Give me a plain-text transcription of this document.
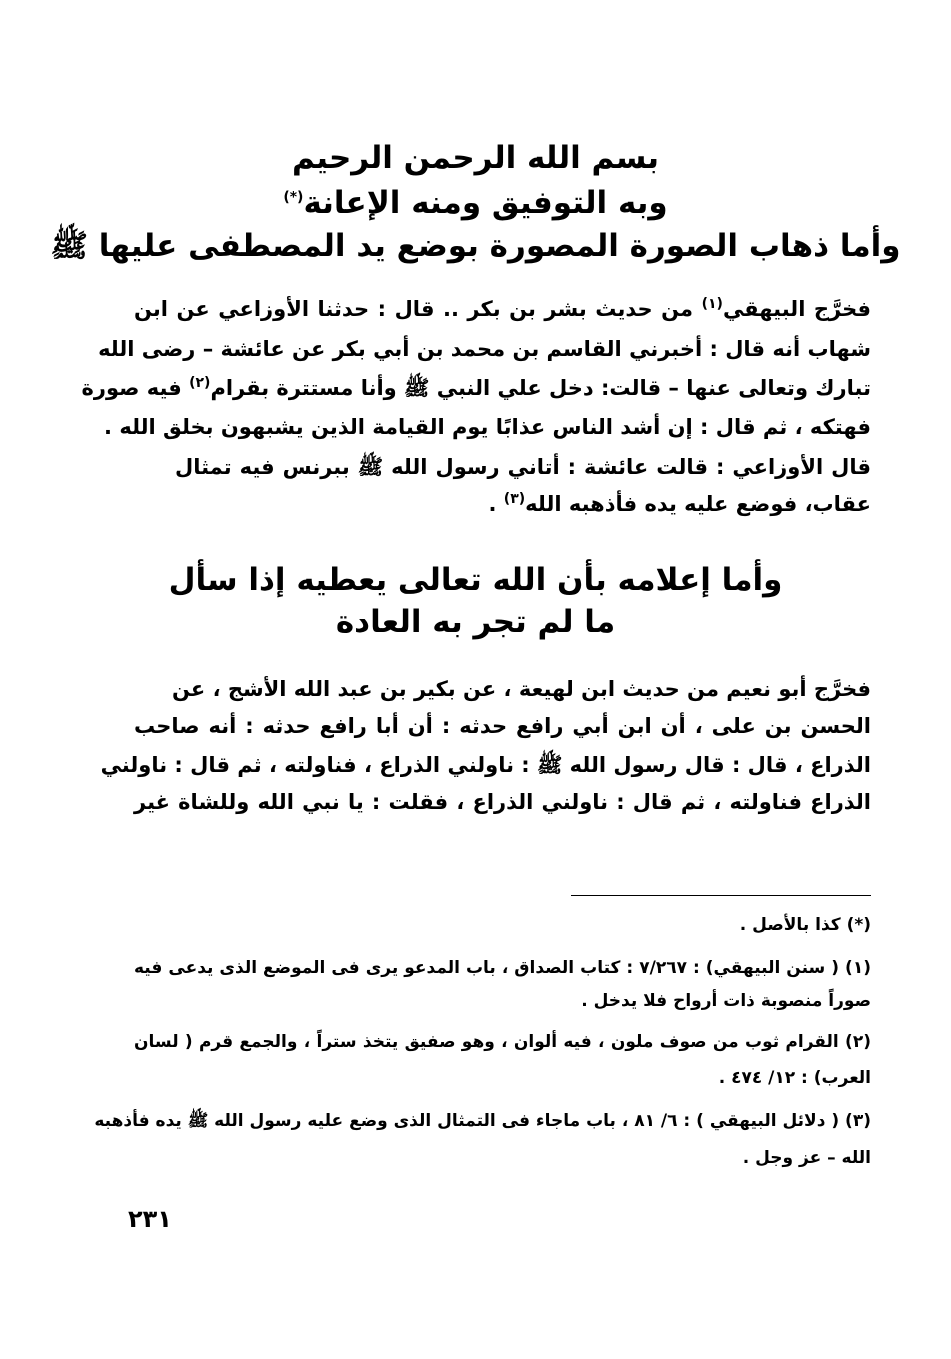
بسم الله الرحمن الرحيم
وبه التوفيق ومنه الإعانة(*)
وأما ذهاب الصورة المصورة بوضع يد المصطفى عليها ﷺ
فخرَّج البيهقي$^{(١)}$ من حديث بشر بن بكر .. قال : حدثنا الأوزاعي عن ابن
شهاب أنه قال : أخبرني القاسم بن محمد بن أبي بكر عن عائشة – رضى الله
تبارك وتعالى عنها – قالت: دخل علي النبي ﷺ وأنا مستترة بقرام$^{(٢)}$ فيه صورة
فهتكه ، ثم قال : إن أشد الناس عذابًا يوم القيامة الذين يشبهون بخلق الله .
قال الأوزاعي : قالت عائشة : أتاني رسول الله ﷺ ببرنس فيه تمثال
عقاب، فوضع عليه يده فأذهبه الله$^{(٣)}$ .
وأما إعلامه بأن الله تعالى يعطيه إذا سأل
ما لم تجر به العادة
فخرَّج أبو نعيم من حديث ابن لهيعة ، عن بكير بن عبد الله الأشج ، عن
الحسن بن على ، أن ابن أبي رافع حدثه : أن أبا رافع حدثه : أنه صاحب
الذراع ، قال : قال رسول الله ﷺ : ناولني الذراع ، فناولته ، ثم قال : ناولني
الذراع فناولته ، ثم قال : ناولني الذراع ، فقلت : يا نبي الله وللشاة غير
(*) كذا بالأصل .
(١) ( سنن البيهقي) : ٧/٢٦٧ : كتاب الصداق ، باب المدعو يرى فى الموضع الذى يدعى فيه
صوراً منصوبة ذات أرواح فلا يدخل .
(٢) القرام ثوب من صوف ملون ، فيه ألوان ، وهو صفيق يتخذ ستراً ، والجمع قرم ( لسان
العرب) : ١٢/ ٤٧٤ .
(٣) ( دلائل البيهقي ) : ٦/ ٨١ ، باب ماجاء فى التمثال الذى وضع عليه رسول الله ﷺ يده فأذهبه
الله – عز وجل .
٢٣١
